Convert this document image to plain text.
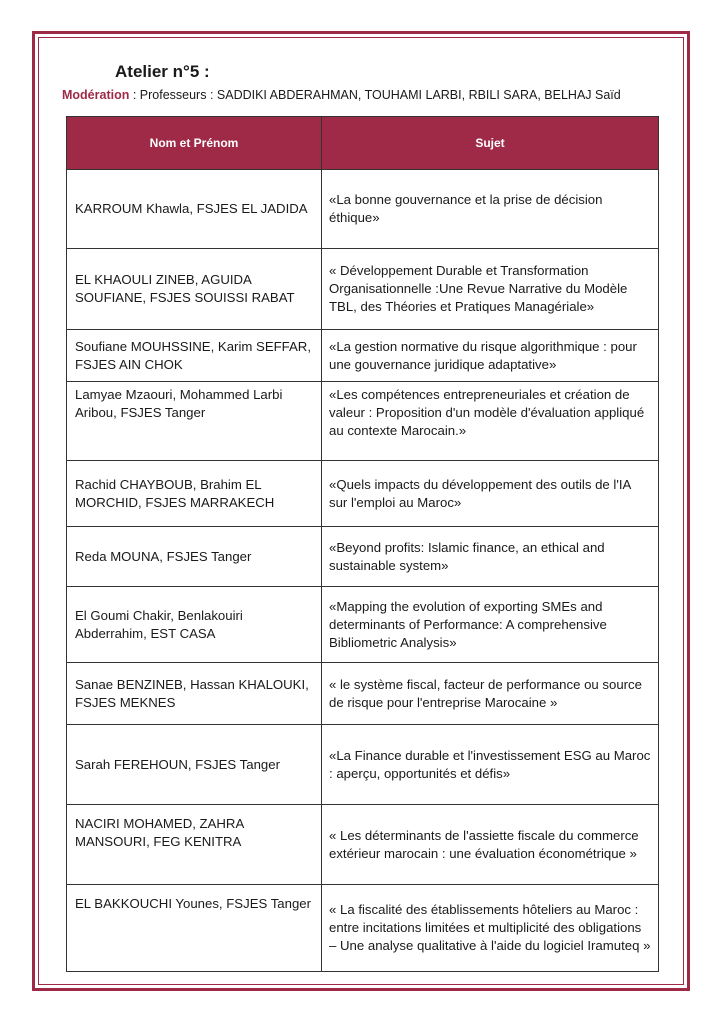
Atelier n°5 :
Modération : Professeurs : SADDIKI ABDERAHMAN, TOUHAMI LARBI, RBILI SARA, BELHAJ Saïd
Nom et Prénom	Sujet
KARROUM Khawla, FSJES EL JADIDA	«La bonne gouvernance et la prise de décision éthique»
EL KHAOULI ZINEB, AGUIDA SOUFIANE, FSJES SOUISSI RABAT	« Développement Durable et Transformation Organisationnelle :Une Revue Narrative du Modèle TBL, des Théories et Pratiques Managériale»
Soufiane MOUHSSINE, Karim SEFFAR, FSJES AIN CHOK	«La gestion normative du risque algorithmique : pour une gouvernance juridique adaptative»
Lamyae Mzaouri, Mohammed Larbi Aribou, FSJES Tanger	«Les compétences entrepreneuriales et création de valeur : Proposition d'un modèle d'évaluation appliqué au contexte Marocain.»
Rachid CHAYBOUB, Brahim EL MORCHID, FSJES MARRAKECH	«Quels impacts du développement des outils de l'IA sur l'emploi au Maroc»
Reda MOUNA, FSJES Tanger	«Beyond profits: Islamic finance, an ethical and sustainable system»
El Goumi Chakir, Benlakouiri Abderrahim, EST CASA	«Mapping the evolution of exporting SMEs and determinants of Performance: A comprehensive Bibliometric Analysis»
Sanae BENZINEB, Hassan KHALOUKI, FSJES MEKNES	« le système fiscal, facteur de performance ou source de risque pour l'entreprise Marocaine »
Sarah FEREHOUN, FSJES Tanger	«La Finance durable et l'investissement ESG au Maroc : aperçu, opportunités et défis»
NACIRI MOHAMED, ZAHRA MANSOURI, FEG KENITRA	« Les déterminants de l'assiette fiscale du commerce extérieur marocain : une évaluation économétrique »
EL BAKKOUCHI Younes, FSJES Tanger	« La fiscalité des établissements hôteliers au Maroc : entre incitations limitées et multiplicité des obligations – Une analyse qualitative à l'aide du logiciel Iramuteq »
